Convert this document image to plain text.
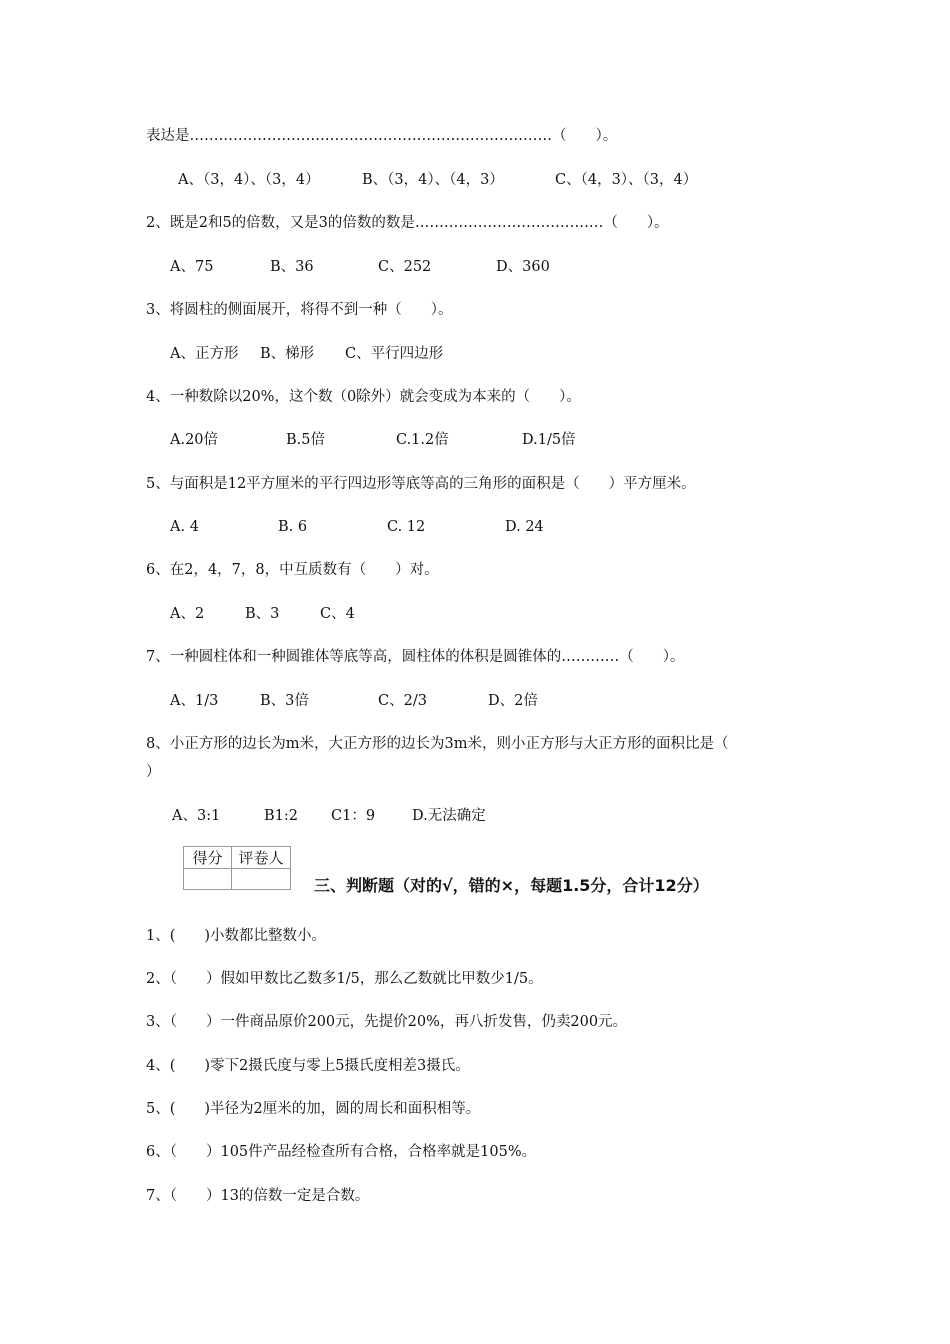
表达是…………………………………………………………………（　　）。
A、（3，4）、（3，4）	B、（3，4）、（4，3）	C、（4，3）、（3，4）
2、既是2和5的倍数，又是3的倍数的数是…………………………………（　　）。
A、75	B、36	C、252	D、360
3、将圆柱的侧面展开，将得不到一种（　　）。
A、正方形 B、梯形 C、平行四边形
4、一种数除以20%，这个数（0除外）就会变成为本来的（　　）。
A.20倍	B.5倍	C.1.2倍	D.1/5倍
5、与面积是12平方厘米的平行四边形等底等高的三角形的面积是（　　）平方厘米。
A. 4	B. 6	C. 12	D. 24
6、在2，4，7，8，中互质数有（　　）对。
A、2	B、3	C、4
7、一种圆柱体和一种圆锥体等底等高，圆柱体的体积是圆锥体的…………（　　）。
A、1/3	B、3倍	C、2/3	D、2倍
8、小正方形的边长为m米，大正方形的边长为3m米，则小正方形与大正方形的面积比是（
）
A、3:1	B1:2 C1：9	D.无法确定
得分	评卷人

三、判断题（对的√，错的×，每题1.5分，合计12分）
1、(　　)小数都比整数小。
2、（　　）假如甲数比乙数多1/5，那么乙数就比甲数少1/5。
3、（　　）一件商品原价200元，先提价20%，再八折发售，仍卖200元。
4、(　　)零下2摄氏度与零上5摄氏度相差3摄氏。
5、(　　)半径为2厘米的加，圆的周长和面积相等。
6、（　　）105件产品经检查所有合格，合格率就是105%。
7、（　　）13的倍数一定是合数。
